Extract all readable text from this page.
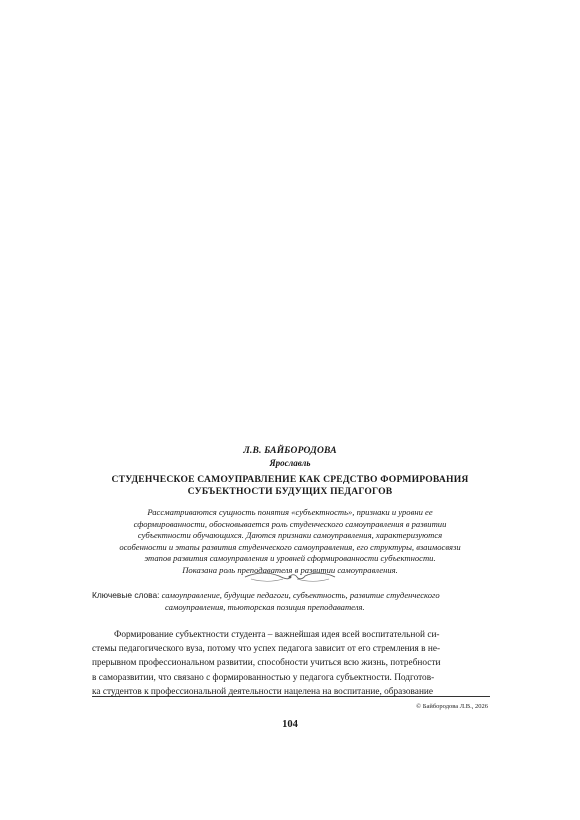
Л.В. БАЙБОРОДОВА
Ярославль
СТУДЕНЧЕСКОЕ САМОУПРАВЛЕНИЕ КАК СРЕДСТВО ФОРМИРОВАНИЯ
СУБЪЕКТНОСТИ БУДУЩИХ ПЕДАГОГОВ
Рассматриваются сущность понятия «субъектность», признаки и уровни ее
сформированности, обосновывается роль студенческого самоуправления в развитии
субъектности обучающихся. Даются признаки самоуправления, характеризуются
особенности и этапы развития студенческого самоуправления, его структуры, взаимосвязи
этапов развития самоуправления и уровней сформированности субъектности.
Показана роль преподавателя в развитии самоуправления.
Ключевые слова: самоуправление, будущие педагоги, субъектность, развитие студенческого
самоуправления, тьюторская позиция преподавателя.
Формирование субъектности студента – важнейшая идея всей воспитательной си-
стемы педагогического вуза, потому что успех педагога зависит от его стремления в не-
прерывном профессиональном развитии, способности учиться всю жизнь, потребности
в саморазвитии, что связано с формированностью у педагога субъектности. Подготов-
ка студентов к профессиональной деятельности нацелена на воспитание, образование
© Байбородова Л.В., 2026
104
